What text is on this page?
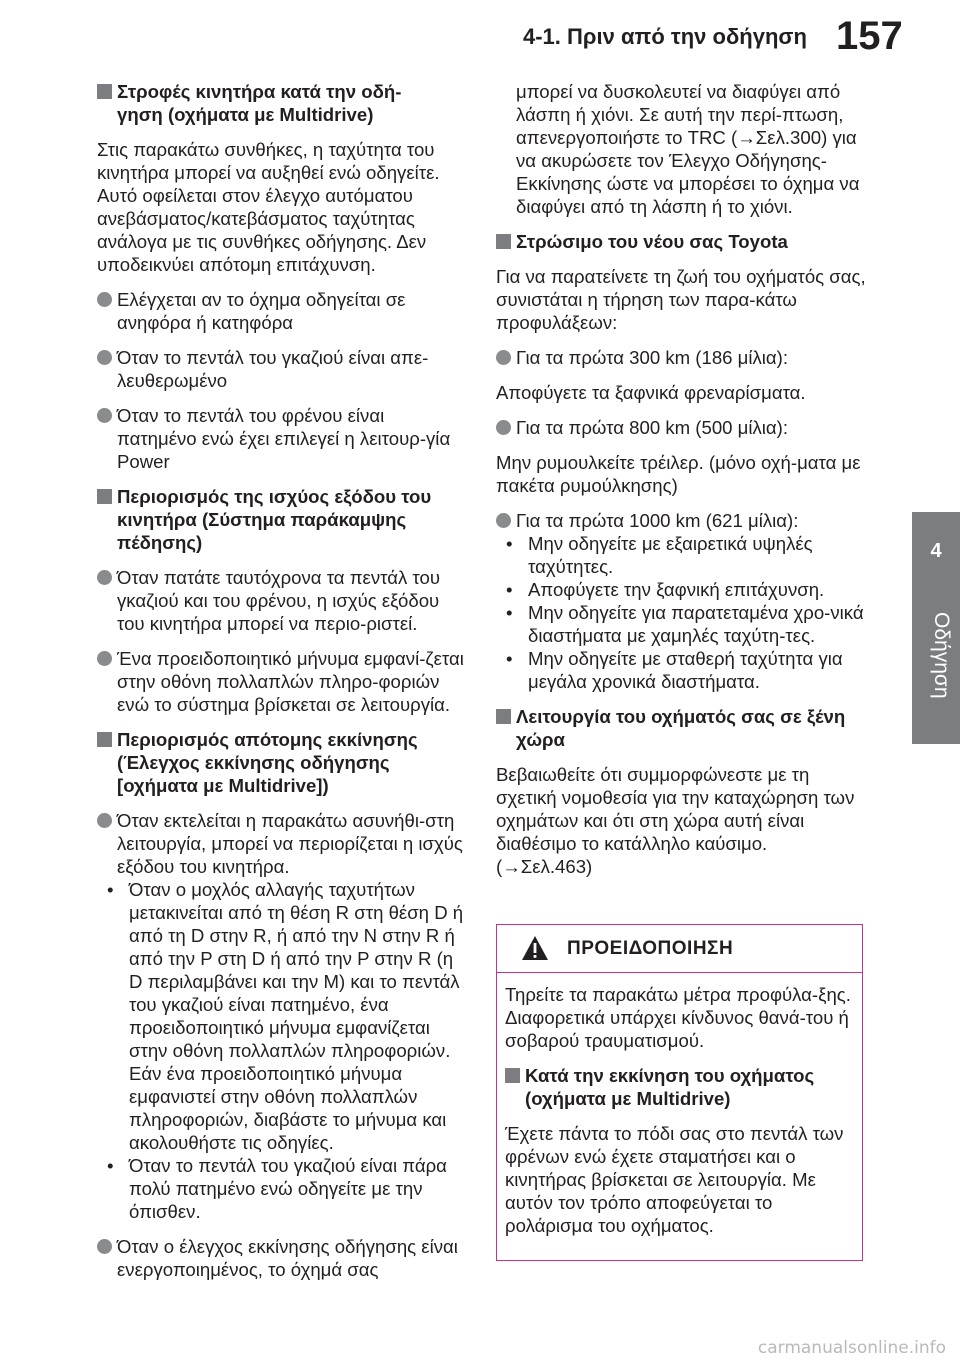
4-1. Πριν από την οδήγηση 157
4
Οδήγηση
Στροφές κινητήρα κατά την οδή-
γηση (οχήματα με Multidrive)
Στις παρακάτω συνθήκες, η ταχύτητα του κινητήρα μπορεί να αυξηθεί ενώ οδηγείτε. Αυτό οφείλεται στον έλεγχο αυτόματου ανεβάσματος/κατεβάσματος ταχύτητας ανάλογα με τις συνθήκες οδήγησης. Δεν υποδεικνύει απότομη επιτάχυνση.
Ελέγχεται αν το όχημα οδηγείται σε ανηφόρα ή κατηφόρα
Όταν το πεντάλ του γκαζιού είναι απε-λευθερωμένο
Όταν το πεντάλ του φρένου είναι πατημένο ενώ έχει επιλεγεί η λειτουρ-γία Power
Περιορισμός της ισχύος εξόδου του κινητήρα (Σύστημα παράκαμψης πέδησης)
Όταν πατάτε ταυτόχρονα τα πεντάλ του γκαζιού και του φρένου, η ισχύς εξόδου του κινητήρα μπορεί να περιο-ριστεί.
Ένα προειδοποιητικό μήνυμα εμφανί-ζεται στην οθόνη πολλαπλών πληρο-φοριών ενώ το σύστημα βρίσκεται σε λειτουργία.
Περιορισμός απότομης εκκίνησης (Έλεγχος εκκίνησης οδήγησης [οχήματα με Multidrive])
Όταν εκτελείται η παρακάτω ασυνήθι-στη λειτουργία, μπορεί να περιορίζεται η ισχύς εξόδου του κινητήρα.
• Όταν ο μοχλός αλλαγής ταχυτήτων μετακινείται από τη θέση R στη θέση D ή από τη D στην R, ή από την N στην R ή από την P στη D ή από την P στην R (η D περιλαμβάνει και την M) και το πεντάλ του γκαζιού είναι πατημένο, ένα προειδοποιητικό μήνυμα εμφανίζεται στην οθόνη πολλαπλών πληροφοριών. Εάν ένα προειδοποιητικό μήνυμα εμφανιστεί στην οθόνη πολλαπλών πληροφοριών, διαβάστε το μήνυμα και ακολουθήστε τις οδηγίες.
• Όταν το πεντάλ του γκαζιού είναι πάρα πολύ πατημένο ενώ οδηγείτε με την όπισθεν.
Όταν ο έλεγχος εκκίνησης οδήγησης είναι ενεργοποιημένος, το όχημά σας
μπορεί να δυσκολευτεί να διαφύγει από λάσπη ή χιόνι. Σε αυτή την περί-πτωση, απενεργοποιήστε το TRC (→Σελ.300) για να ακυρώσετε τον Έλεγχο Οδήγησης-Εκκίνησης ώστε να μπορέσει το όχημα να διαφύγει από τη λάσπη ή το χιόνι.
Στρώσιμο του νέου σας Toyota
Για να παρατείνετε τη ζωή του οχήματός σας, συνιστάται η τήρηση των παρα-κάτω προφυλάξεων:
Για τα πρώτα 300 km (186 μίλια):
Αποφύγετε τα ξαφνικά φρεναρίσματα.
Για τα πρώτα 800 km (500 μίλια):
Μην ρυμουλκείτε τρέιλερ. (μόνο οχή-ματα με πακέτα ρυμούλκησης)
Για τα πρώτα 1000 km (621 μίλια):
• Μην οδηγείτε με εξαιρετικά υψηλές ταχύτητες.
• Αποφύγετε την ξαφνική επιτάχυνση.
• Μην οδηγείτε για παρατεταμένα χρο-νικά διαστήματα με χαμηλές ταχύτη-τες.
• Μην οδηγείτε με σταθερή ταχύτητα για μεγάλα χρονικά διαστήματα.
Λειτουργία του οχήματός σας σε ξένη χώρα
Βεβαιωθείτε ότι συμμορφώνεστε με τη σχετική νομοθεσία για την καταχώρηση των οχημάτων και ότι στη χώρα αυτή είναι διαθέσιμο το κατάλληλο καύσιμο. (→Σελ.463)
ΠΡΟΕΙΔΟΠΟΙΗΣΗ
Τηρείτε τα παρακάτω μέτρα προφύλα-ξης. Διαφορετικά υπάρχει κίνδυνος θανά-του ή σοβαρού τραυματισμού.
Κατά την εκκίνηση του οχήματος (οχήματα με Multidrive)
Έχετε πάντα το πόδι σας στο πεντάλ των φρένων ενώ έχετε σταματήσει και ο κινητήρας βρίσκεται σε λειτουργία. Με αυτόν τον τρόπο αποφεύγεται το ρολάρισμα του οχήματος.
carmanualsonline.info
